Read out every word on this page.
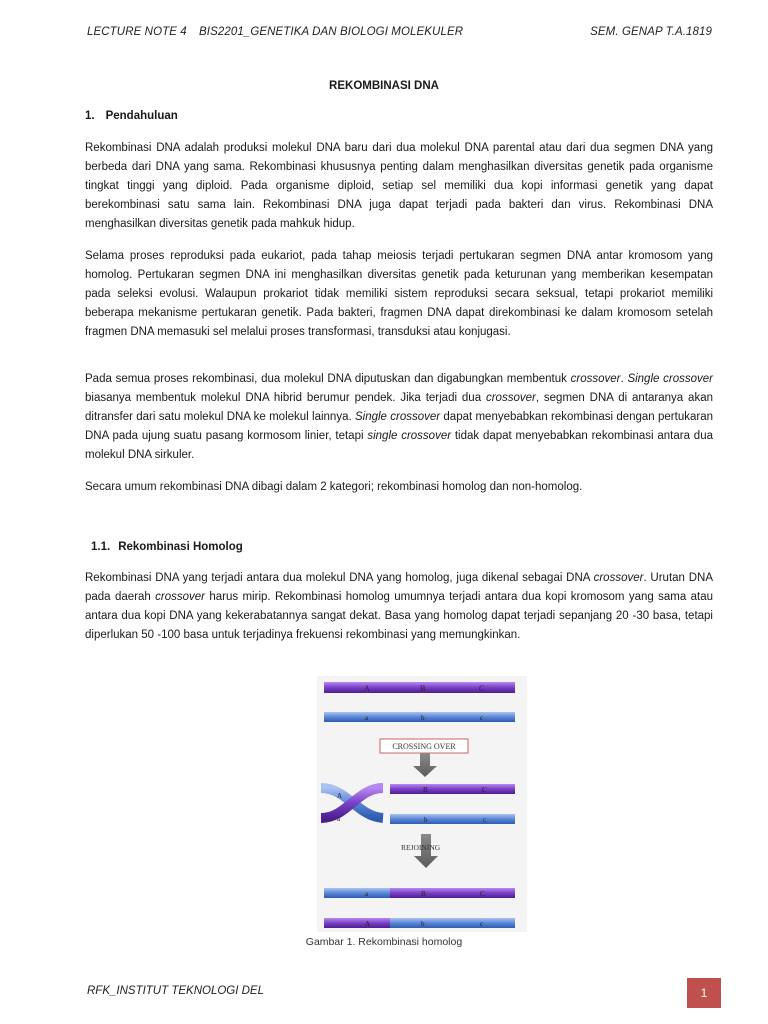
LECTURE NOTE 4 BIS2201_GENETIKA DAN BIOLOGI MOLEKULER	SEM. GENAP T.A.1819
REKOMBINASI DNA
1. Pendahuluan

Rekombinasi DNA adalah produksi molekul DNA baru dari dua molekul DNA parental atau dari dua segmen DNA yang berbeda dari DNA yang sama. Rekombinasi khususnya penting dalam menghasilkan diversitas genetik pada organisme tingkat tinggi yang diploid. Pada organisme diploid, setiap sel memiliki dua kopi informasi genetik yang dapat berekombinasi satu sama lain. Rekombinasi DNA juga dapat terjadi pada bakteri dan virus. Rekombinasi DNA menghasilkan diversitas genetik pada mahkuk hidup.

Selama proses reproduksi pada eukariot, pada tahap meiosis terjadi pertukaran segmen DNA antar kromosom yang homolog. Pertukaran segmen DNA ini menghasilkan diversitas genetik pada keturunan yang memberikan kesempatan pada seleksi evolusi. Walaupun prokariot tidak memiliki sistem reproduksi secara seksual, tetapi prokariot memiliki beberapa mekanisme pertukaran genetik. Pada bakteri, fragmen DNA dapat direkombinasi ke dalam kromosom setelah fragmen DNA memasuki sel melalui proses transformasi, transduksi atau konjugasi.

Pada semua proses rekombinasi, dua molekul DNA diputuskan dan digabungkan membentuk crossover. Single crossover biasanya membentuk molekul DNA hibrid berumur pendek. Jika terjadi dua crossover, segmen DNA di antaranya akan ditransfer dari satu molekul DNA ke molekul lainnya. Single crossover dapat menyebabkan rekombinasi dengan pertukaran DNA pada ujung suatu pasang kormosom linier, tetapi single crossover tidak dapat menyebabkan rekombinasi antara dua molekul DNA sirkuler.

Secara umum rekombinasi DNA dibagi dalam 2 kategori; rekombinasi homolog dan non-homolog.

1.1. Rekombinasi Homolog

Rekombinasi DNA yang terjadi antara dua molekul DNA yang homolog, juga dikenal sebagai DNA crossover. Urutan DNA pada daerah crossover harus mirip. Rekombinasi homolog umumnya terjadi antara dua kopi kromosom yang sama atau antara dua kopi DNA yang kekerabatannya sangat dekat. Basa yang homolog dapat terjadi sepanjang 20 -30 basa, tetapi diperlukan 50 -100 basa untuk terjadinya frekuensi rekombinasi yang memungkinkan.

A	B	C
a	b	c
CROSSING OVER
A
a
B	C
b	c
REJOINING
a	B	C
A	b	c
Gambar 1. Rekombinasi homolog
RFK_INSTITUT TEKNOLOGI DEL	1
